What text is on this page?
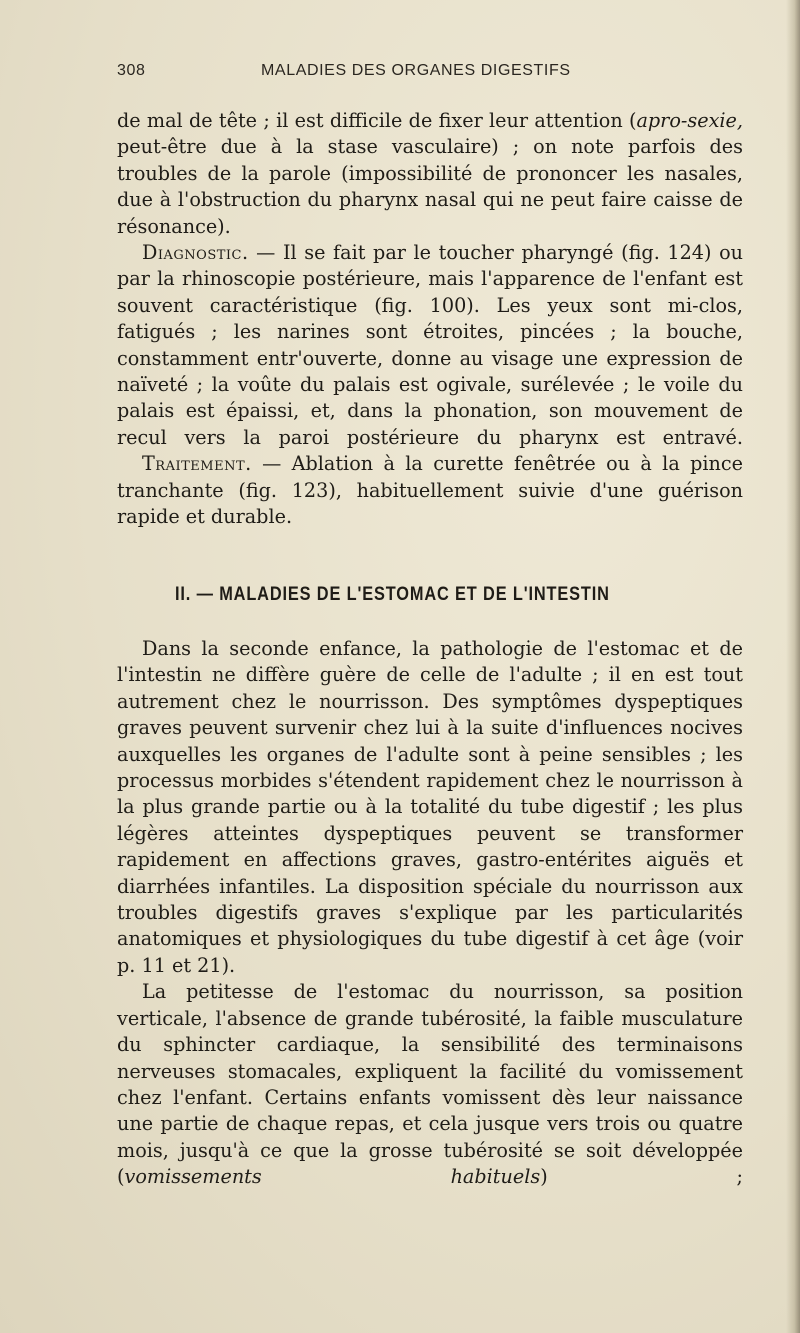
308	MALADIES DES ORGANES DIGESTIFS

de mal de tête ; il est difficile de fixer leur attention (apro-sexie, peut-être due à la stase vasculaire) ; on note parfois des troubles de la parole (impossibilité de prononcer les nasales, due à l'obstruction du pharynx nasal qui ne peut faire caisse de résonance).

Diagnostic. — Il se fait par le toucher pharyngé (fig. 124) ou par la rhinoscopie postérieure, mais l'apparence de l'enfant est souvent caractéristique (fig. 100). Les yeux sont mi-clos, fatigués ; les narines sont étroites, pincées ; la bouche, constamment entr'ouverte, donne au visage une expression de naïveté ; la voûte du palais est ogivale, surélevée ; le voile du palais est épaissi, et, dans la phonation, son mouvement de recul vers la paroi postérieure du pharynx est entravé.

Traitement. — Ablation à la curette fenêtrée ou à la pince tranchante (fig. 123), habituellement suivie d'une guérison rapide et durable.

II. — MALADIES DE L'ESTOMAC ET DE L'INTESTIN

Dans la seconde enfance, la pathologie de l'estomac et de l'intestin ne diffère guère de celle de l'adulte ; il en est tout autrement chez le nourrisson. Des symptômes dyspeptiques graves peuvent survenir chez lui à la suite d'influences nocives auxquelles les organes de l'adulte sont à peine sensibles ; les processus morbides s'étendent rapidement chez le nourrisson à la plus grande partie ou à la totalité du tube digestif ; les plus légères atteintes dyspeptiques peuvent se transformer rapidement en affections graves, gastro-entérites aiguës et diarrhées infantiles. La disposition spéciale du nourrisson aux troubles digestifs graves s'explique par les particularités anatomiques et physiologiques du tube digestif à cet âge (voir p. 11 et 21).

La petitesse de l'estomac du nourrisson, sa position verticale, l'absence de grande tubérosité, la faible musculature du sphincter cardiaque, la sensibilité des terminaisons nerveuses stomacales, expliquent la facilité du vomissement chez l'enfant. Certains enfants vomissent dès leur naissance une partie de chaque repas, et cela jusque vers trois ou quatre mois, jusqu'à ce que la grosse tubérosité se soit développée (vomissements habituels) ;
